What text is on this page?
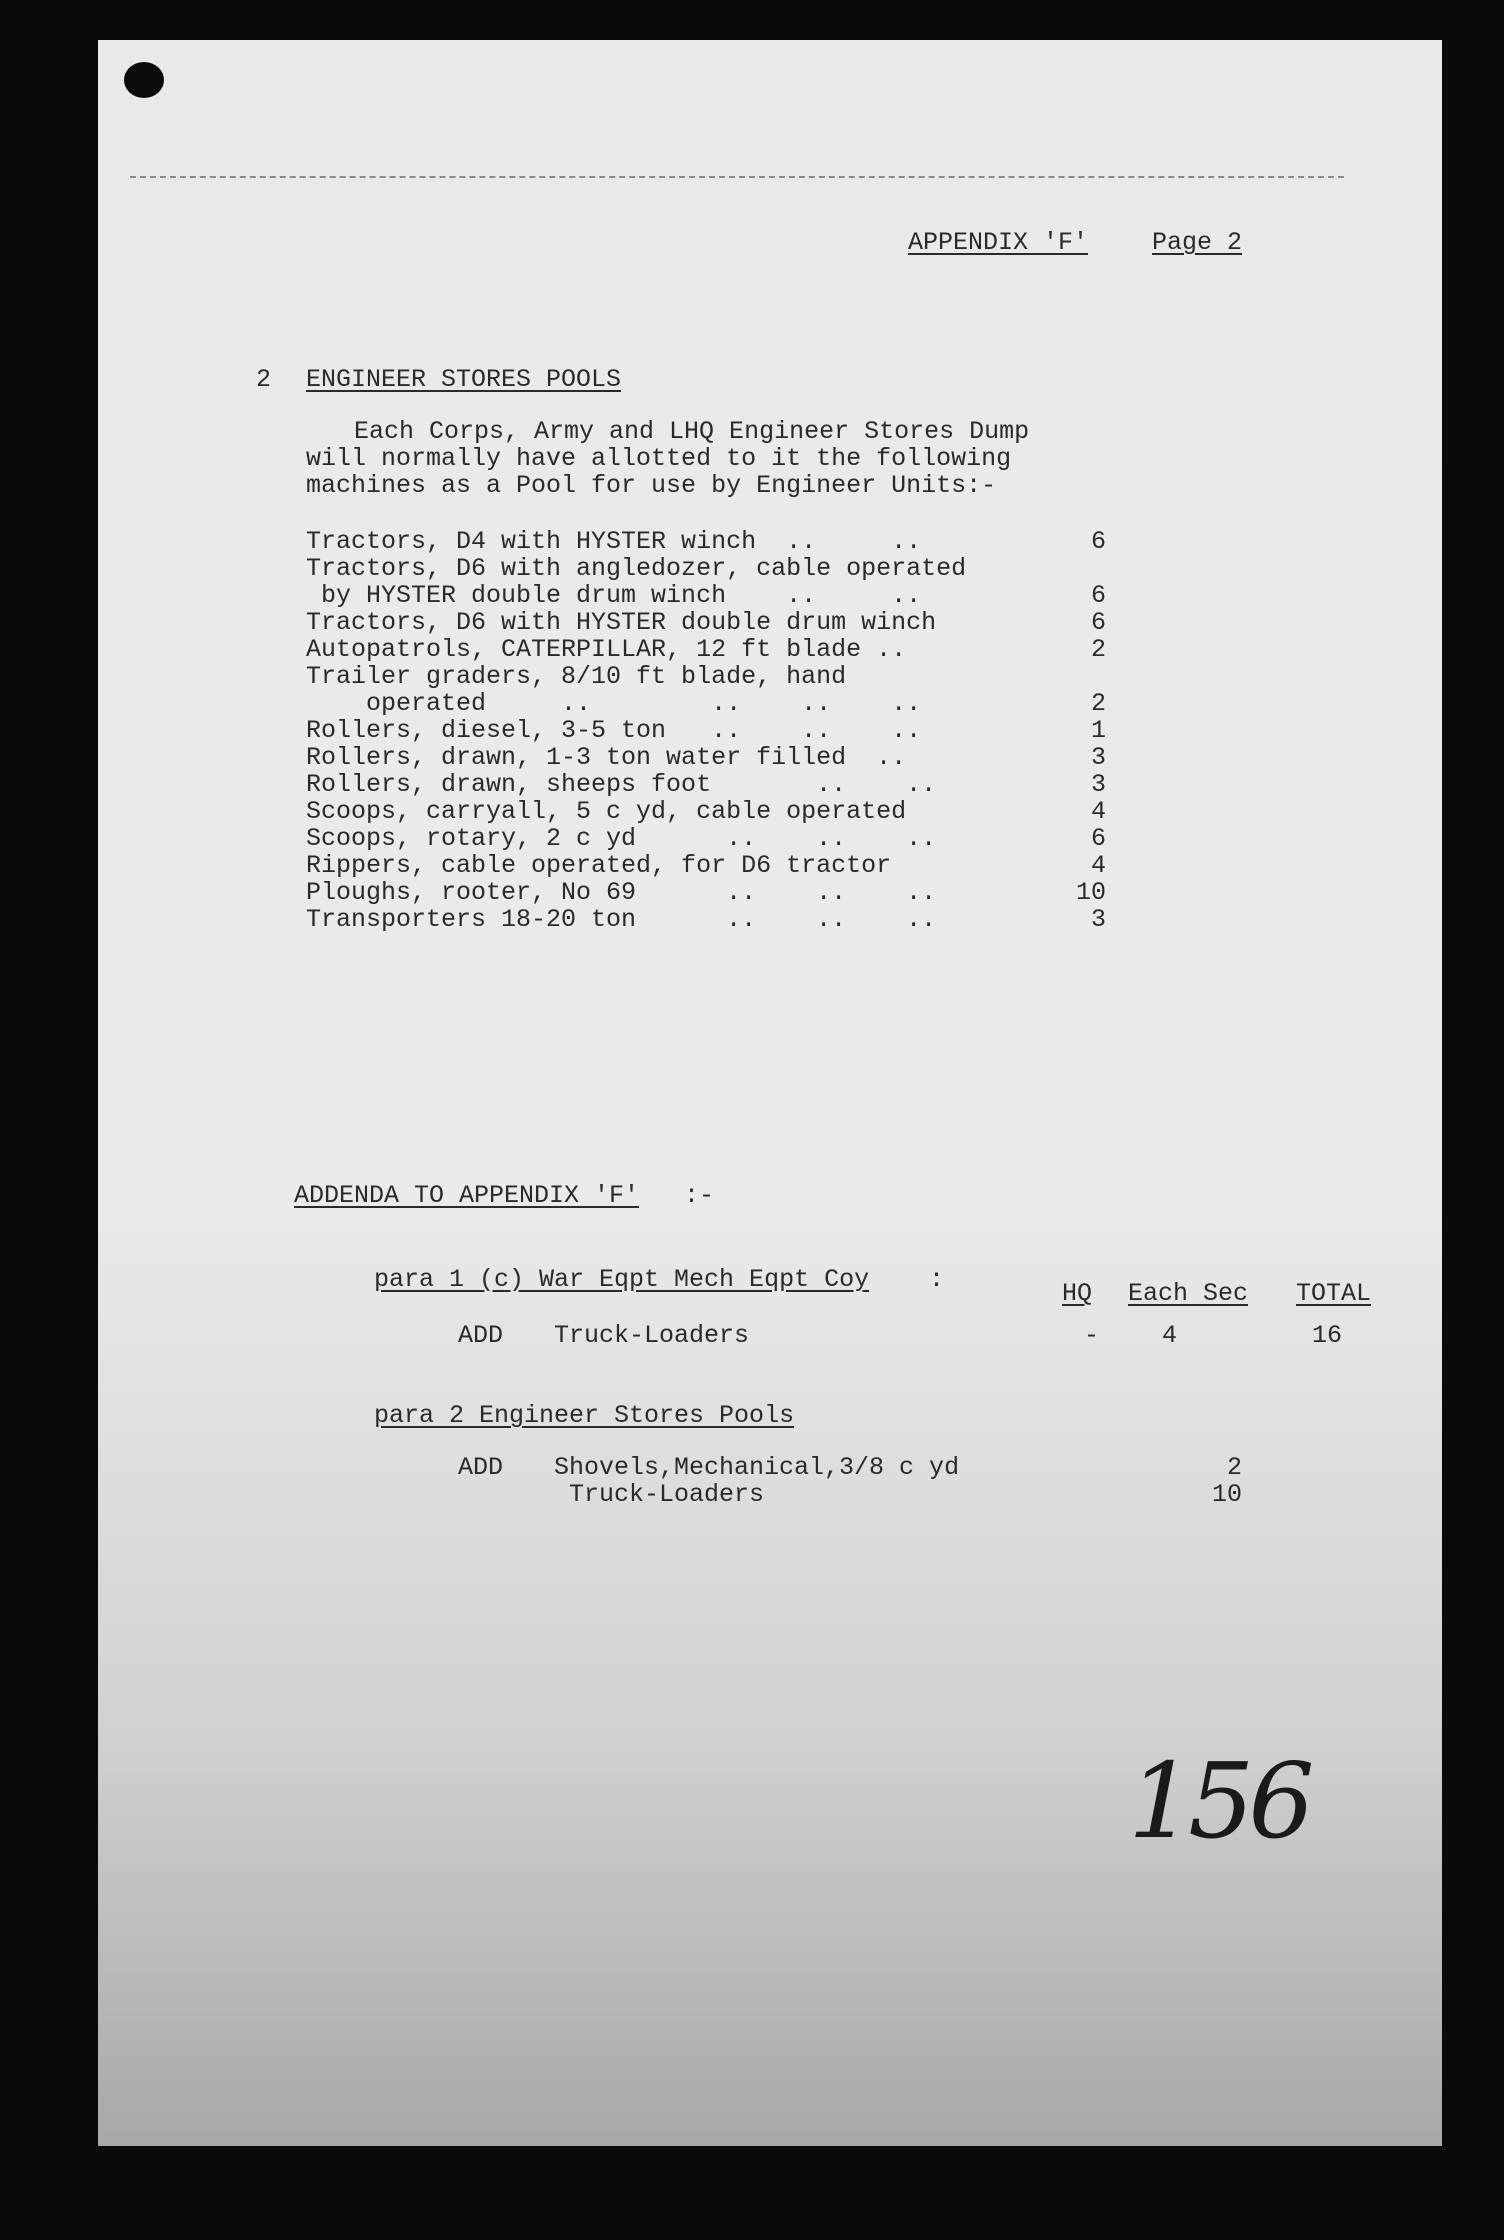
APPENDIX 'F'	Page 2

2 ENGINEER STORES POOLS

Each Corps, Army and LHQ Engineer Stores Dump

will normally have allotted to it the following

machines as a Pool for use by Engineer Units:-

Tractors, D4 with HYSTER winch  ..     ..	6

Tractors, D6 with angledozer, cable operated

by HYSTER double drum winch    ..     ..	6

Tractors, D6 with HYSTER double drum winch	6

Autopatrols, CATERPILLAR, 12 ft blade ..	2

Trailer graders, 8/10 ft blade, hand

operated     ..        ..    ..    ..	2

Rollers, diesel, 3-5 ton   ..    ..    ..	1

Rollers, drawn, 1-3 ton water filled  ..	3

Rollers, drawn, sheeps foot       ..    ..	3

Scoops, carryall, 5 c yd, cable operated	4

Scoops, rotary, 2 c yd      ..    ..    ..	6

Rippers, cable operated, for D6 tractor	4

Ploughs, rooter, No 69      ..    ..    ..	10

Transporters 18-20 ton      ..    ..    ..	3

ADDENDA TO APPENDIX 'F' :-

para 1 (c) War Eqpt Mech Eqpt Coy :	HQ Each Sec TOTAL

ADD Truck-Loaders	-	4	16

para 2 Engineer Stores Pools

ADD Shovels,Mechanical,3/8 c yd	2

Truck-Loaders	10

156
